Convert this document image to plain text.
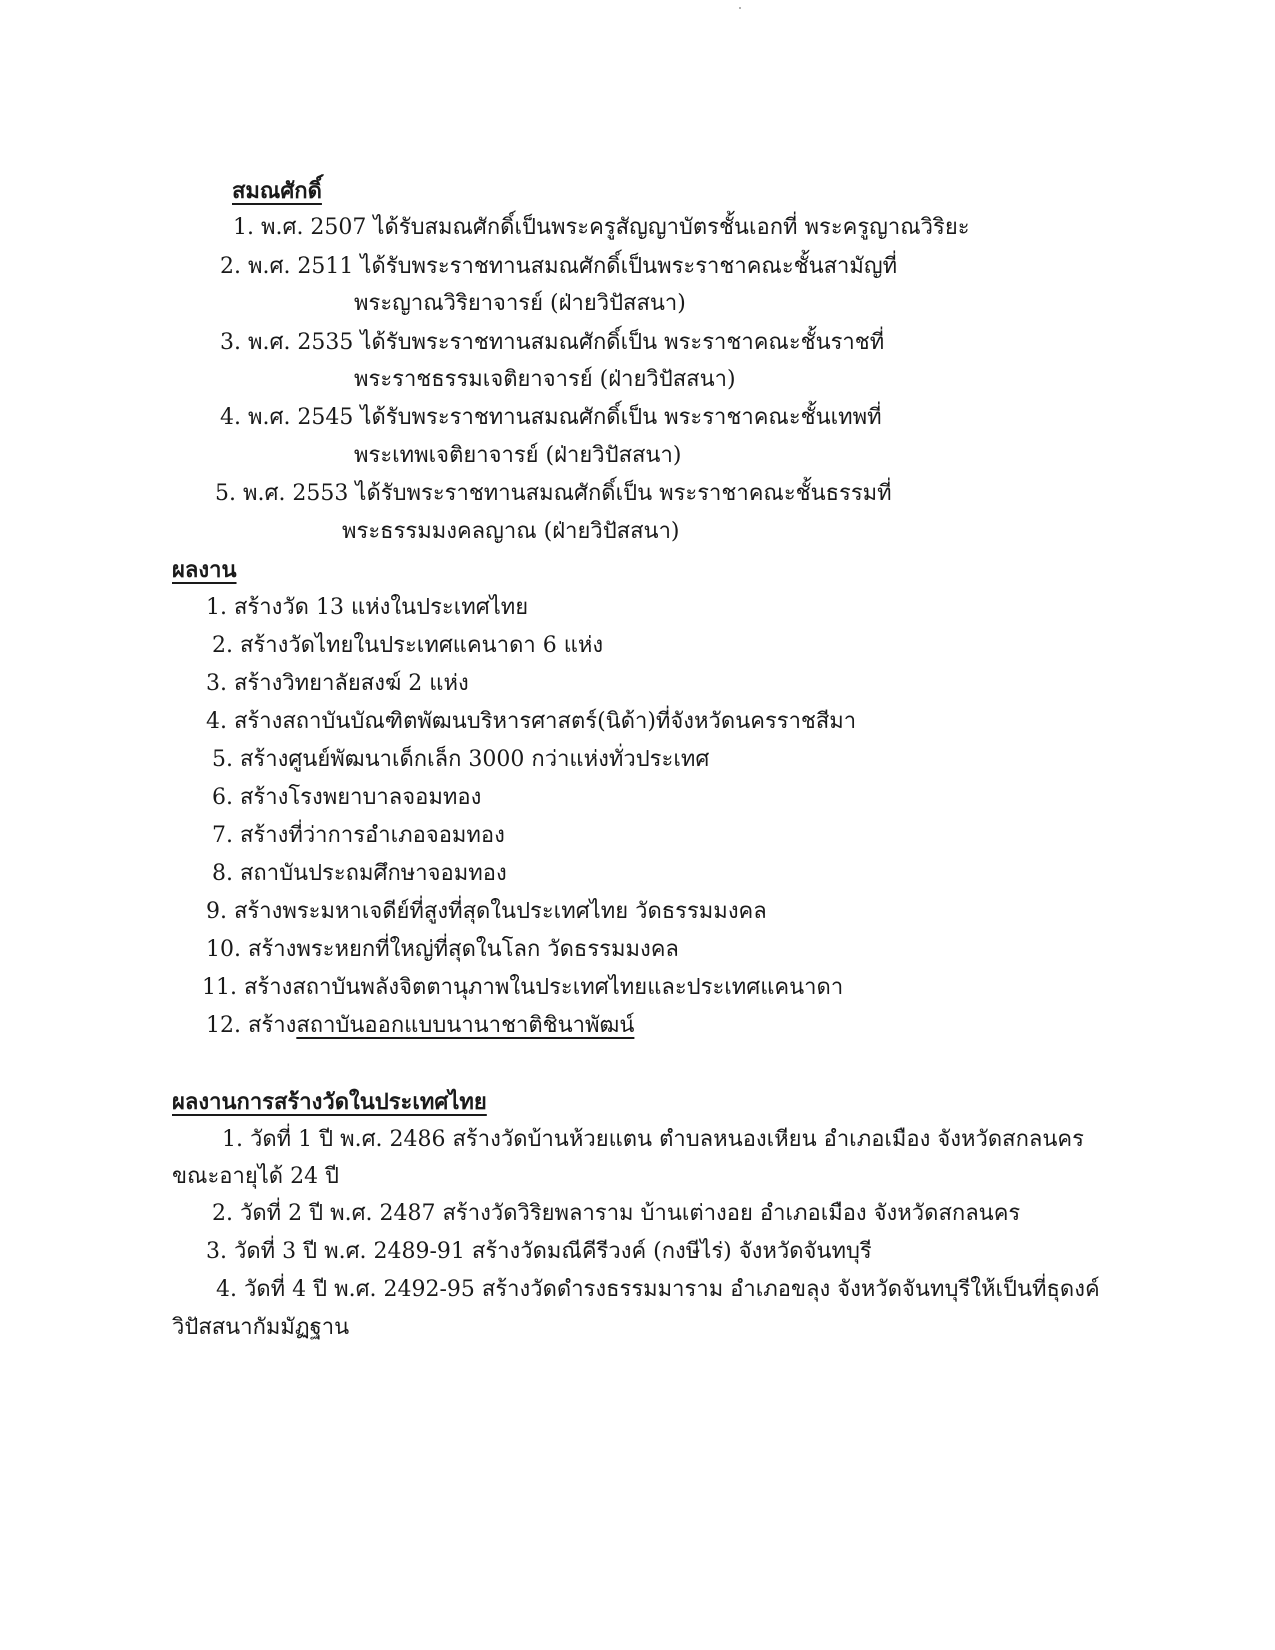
สมณศักดิ์
1. พ.ศ. 2507 ได้รับสมณศักดิ์เป็นพระครูสัญญาบัตรชั้นเอกที่ พระครูญาณวิริยะ
2. พ.ศ. 2511 ได้รับพระราชทานสมณศักดิ์เป็นพระราชาคณะชั้นสามัญที่
พระญาณวิริยาจารย์ (ฝ่ายวิปัสสนา)
3. พ.ศ. 2535 ได้รับพระราชทานสมณศักดิ์เป็น พระราชาคณะชั้นราชที่
พระราชธรรมเจติยาจารย์ (ฝ่ายวิปัสสนา)
4. พ.ศ. 2545 ได้รับพระราชทานสมณศักดิ์เป็น พระราชาคณะชั้นเทพที่
พระเทพเจติยาจารย์ (ฝ่ายวิปัสสนา)
5. พ.ศ. 2553 ได้รับพระราชทานสมณศักดิ์เป็น พระราชาคณะชั้นธรรมที่
พระธรรมมงคลญาณ (ฝ่ายวิปัสสนา)
ผลงาน
1. สร้างวัด 13 แห่งในประเทศไทย
2. สร้างวัดไทยในประเทศแคนาดา 6 แห่ง
3. สร้างวิทยาลัยสงฆ์ 2 แห่ง
4. สร้างสถาบันบัณฑิตพัฒนบริหารศาสตร์(นิด้า)ที่จังหวัดนครราชสีมา
5. สร้างศูนย์พัฒนาเด็กเล็ก 3000 กว่าแห่งทั่วประเทศ
6. สร้างโรงพยาบาลจอมทอง
7. สร้างที่ว่าการอำเภอจอมทอง
8. สถาบันประถมศึกษาจอมทอง
9. สร้างพระมหาเจดีย์ที่สูงที่สุดในประเทศไทย วัดธรรมมงคล
10. สร้างพระหยกที่ใหญ่ที่สุดในโลก วัดธรรมมงคล
11. สร้างสถาบันพลังจิตตานุภาพในประเทศไทยและประเทศแคนาดา
12. สร้างสถาบันออกแบบนานาชาติชินาพัฒน์
ผลงานการสร้างวัดในประเทศไทย
1. วัดที่ 1 ปี พ.ศ. 2486 สร้างวัดบ้านห้วยแตน ตำบลหนองเหียน อำเภอเมือง จังหวัดสกลนคร
ขณะอายุได้ 24 ปี
2. วัดที่ 2 ปี พ.ศ. 2487 สร้างวัดวิริยพลาราม บ้านเต่างอย อำเภอเมือง จังหวัดสกลนคร
3. วัดที่ 3 ปี พ.ศ. 2489-91 สร้างวัดมณีคีรีวงค์ (กงษีไร่) จังหวัดจันทบุรี
4. วัดที่ 4 ปี พ.ศ. 2492-95 สร้างวัดดำรงธรรมมาราม อำเภอขลุง จังหวัดจันทบุรีให้เป็นที่ธุดงค์
วิปัสสนากัมมัฏฐาน
